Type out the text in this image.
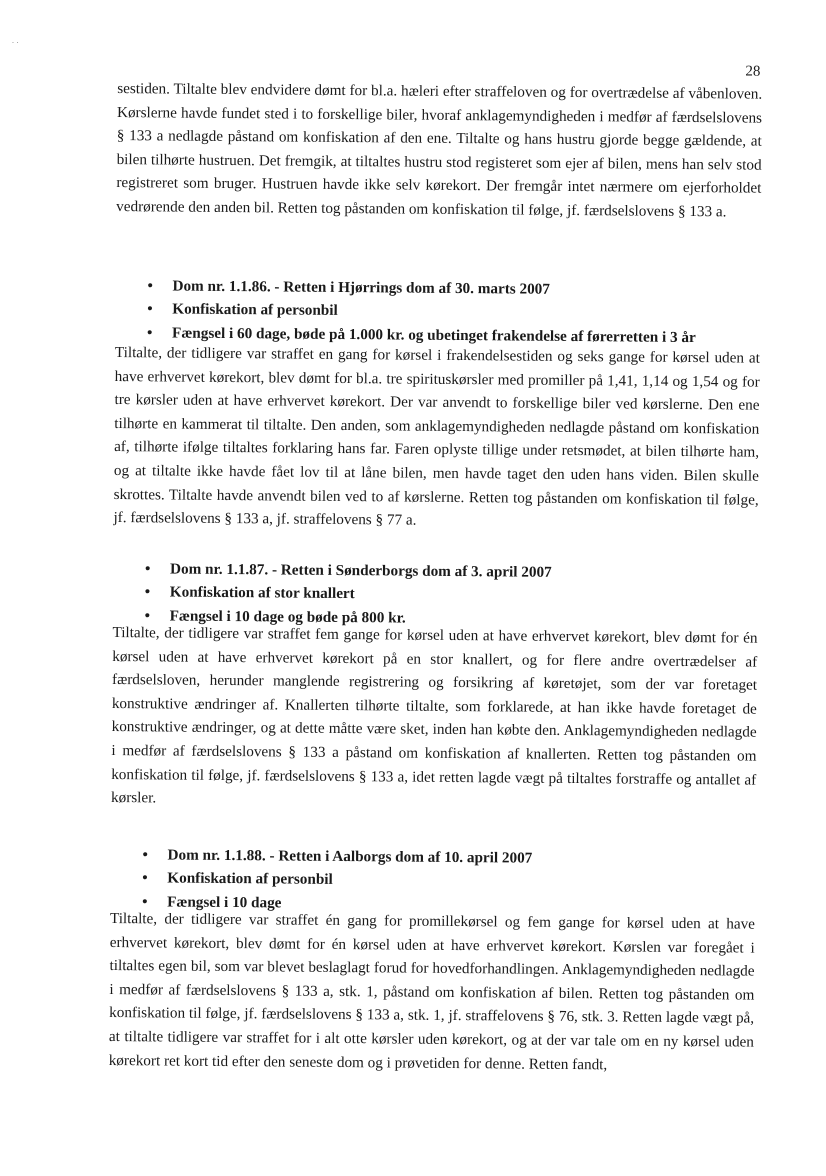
· ·
28

sestiden. Tiltalte blev endvidere dømt for bl.a. hæleri efter straffeloven og for overtrædelse af våbenloven. Kørslerne havde fundet sted i to forskellige biler, hvoraf anklagemyndigheden i medfør af færdselslovens § 133 a nedlagde påstand om konfiskation af den ene. Tiltalte og hans hustru gjorde begge gældende, at bilen tilhørte hustruen. Det fremgik, at tiltaltes hustru stod registeret som ejer af bilen, mens han selv stod registreret som bruger. Hustruen havde ikke selv kørekort. Der fremgår intet nærmere om ejerforholdet vedrørende den anden bil. Retten tog påstanden om konfiskation til følge, jf. færdselslovens § 133 a.

• Dom nr. 1.1.86. - Retten i Hjørrings dom af 30. marts 2007
• Konfiskation af personbil
• Fængsel i 60 dage, bøde på 1.000 kr. og ubetinget frakendelse af førerretten i 3 år

Tiltalte, der tidligere var straffet en gang for kørsel i frakendelsestiden og seks gange for kørsel uden at have erhvervet kørekort, blev dømt for bl.a. tre spirituskørsler med promiller på 1,41, 1,14 og 1,54 og for tre kørsler uden at have erhvervet kørekort. Der var anvendt to forskellige biler ved kørslerne. Den ene tilhørte en kammerat til tiltalte. Den anden, som anklagemyndigheden nedlagde påstand om konfiskation af, tilhørte ifølge tiltaltes forklaring hans far. Faren oplyste tillige under retsmødet, at bilen tilhørte ham, og at tiltalte ikke havde fået lov til at låne bilen, men havde taget den uden hans viden. Bilen skulle skrottes. Tiltalte havde anvendt bilen ved to af kørslerne. Retten tog påstanden om konfiskation til følge, jf. færdselslovens § 133 a, jf. straffelovens § 77 a.

• Dom nr. 1.1.87. - Retten i Sønderborgs dom af 3. april 2007
• Konfiskation af stor knallert
• Fængsel i 10 dage og bøde på 800 kr.

Tiltalte, der tidligere var straffet fem gange for kørsel uden at have erhvervet kørekort, blev dømt for én kørsel uden at have erhvervet kørekort på en stor knallert, og for flere andre overtrædelser af færdselsloven, herunder manglende registrering og forsikring af køretøjet, som der var foretaget konstruktive ændringer af. Knallerten tilhørte tiltalte, som forklarede, at han ikke havde foretaget de konstruktive ændringer, og at dette måtte være sket, inden han købte den. Anklagemyndigheden nedlagde i medfør af færdselslovens § 133 a påstand om konfiskation af knallerten. Retten tog påstanden om konfiskation til følge, jf. færdselslovens § 133 a, idet retten lagde vægt på tiltaltes forstraffe og antallet af kørsler.

• Dom nr. 1.1.88. - Retten i Aalborgs dom af 10. april 2007
• Konfiskation af personbil
• Fængsel i 10 dage

Tiltalte, der tidligere var straffet én gang for promillekørsel og fem gange for kørsel uden at have erhvervet kørekort, blev dømt for én kørsel uden at have erhvervet kørekort. Kørslen var foregået i tiltaltes egen bil, som var blevet beslaglagt forud for hovedforhandlingen. Anklagemyndigheden nedlagde i medfør af færdselslovens § 133 a, stk. 1, påstand om konfiskation af bilen. Retten tog påstanden om konfiskation til følge, jf. færdselslovens § 133 a, stk. 1, jf. straffelovens § 76, stk. 3. Retten lagde vægt på, at tiltalte tidligere var straffet for i alt otte kørsler uden kørekort, og at der var tale om en ny kørsel uden kørekort ret kort tid efter den seneste dom og i prøvetiden for denne. Retten fandt,
